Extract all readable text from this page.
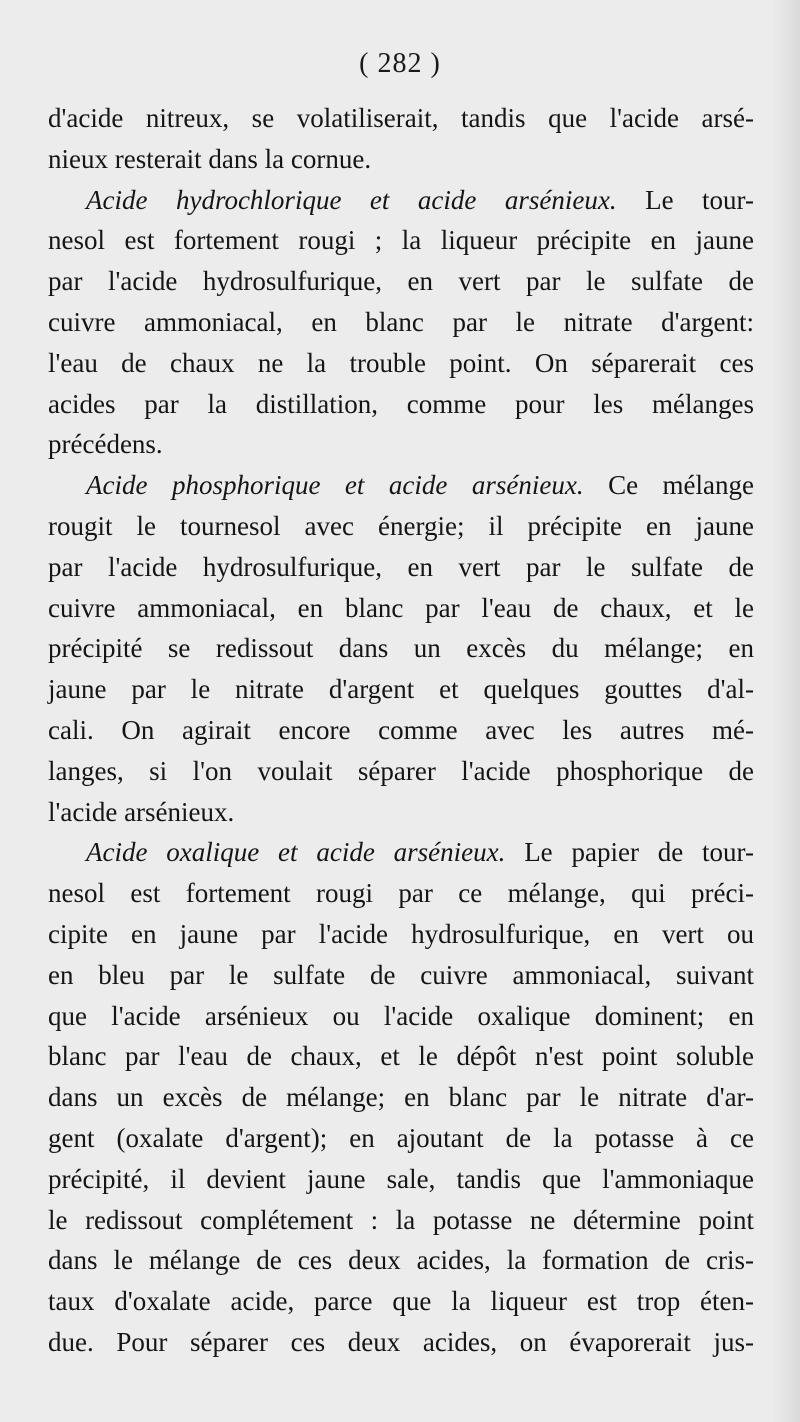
( 282 )

d'acide nitreux, se volatiliserait, tandis que l'acide arsé-

nieux resterait dans la cornue.

Acide hydrochlorique et acide arsénieux. Le tour-

nesol est fortement rougi ; la liqueur précipite en jaune

par l'acide hydrosulfurique, en vert par le sulfate de

cuivre ammoniacal, en blanc par le nitrate d'argent:

l'eau de chaux ne la trouble point. On séparerait ces

acides par la distillation, comme pour les mélanges

précédens.

Acide phosphorique et acide arsénieux. Ce mélange

rougit le tournesol avec énergie; il précipite en jaune

par l'acide hydrosulfurique, en vert par le sulfate de

cuivre ammoniacal, en blanc par l'eau de chaux, et le

précipité se redissout dans un excès du mélange; en

jaune par le nitrate d'argent et quelques gouttes d'al-

cali. On agirait encore comme avec les autres mé-

langes, si l'on voulait séparer l'acide phosphorique de

l'acide arsénieux.

Acide oxalique et acide arsénieux. Le papier de tour-

nesol est fortement rougi par ce mélange, qui préci-

cipite en jaune par l'acide hydrosulfurique, en vert ou

en bleu par le sulfate de cuivre ammoniacal, suivant

que l'acide arsénieux ou l'acide oxalique dominent; en

blanc par l'eau de chaux, et le dépôt n'est point soluble

dans un excès de mélange; en blanc par le nitrate d'ar-

gent (oxalate d'argent); en ajoutant de la potasse à ce

précipité, il devient jaune sale, tandis que l'ammoniaque

le redissout complétement : la potasse ne détermine point

dans le mélange de ces deux acides, la formation de cris-

taux d'oxalate acide, parce que la liqueur est trop éten-

due. Pour séparer ces deux acides, on évaporerait jus-
